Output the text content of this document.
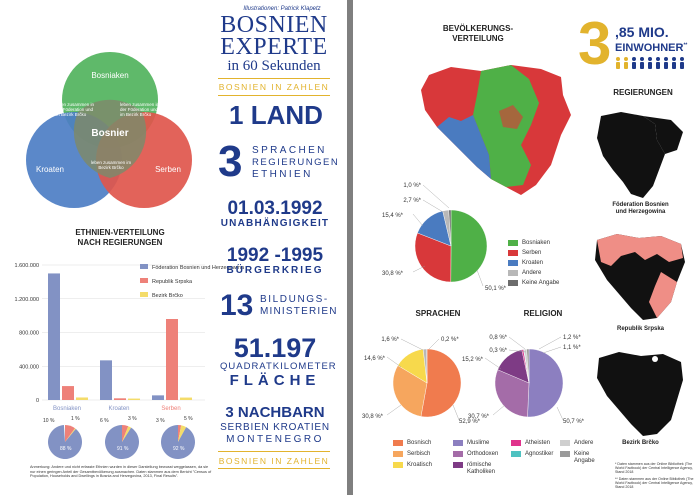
Bosniaken
Kroaten	Serben
Bosnier
leben zusammen in der Föderation und im Bezirk Brčko
leben zusammen in der Föderation und im Bezirk Brčko
leben zusammen im Bezirk Brčko
ETHNIEN-VERTEILUNG
NACH REGIERUNGEN
1.600.000
1.200.000
800.000
400.000
0
Föderation Bosnien und Herzegowina
Republik Srpska
Bezirk Brčko
Bosniaken	Kroaten	Serben
10 %	1 %
88 %
6 %	3 %
91 %
3 %	5 %
92 %
Anmerkung: Andere und nicht erfasste Ethnien wurden in dieser Darstellung bewusst weggelassen, da sie nur einen geringen Anteil der Gesamtbevölkerung ausmachen. Daten stammen aus dem Bericht "Census of Population, Households and Dwellings in Bosnia and Herzegovina, 2013, Final Results".
Illustrationen: Patrick Klapetz
BOSNIEN
EXPERTE
in 60 Sekunden
BOSNIEN IN ZAHLEN
1 LAND
3 SPRACHEN
REGIERUNGEN
ETHNIEN
01.03.1992
UNABHÄNGIGKEIT
1992 -1995
BÜRGERKRIEG
13 BILDUNGS-
MINISTERIEN
51.197
QUADRATKILOMETER
FLÄCHE
3 NACHBARN
SERBIEN KROATIEN
MONTENEGRO
BOSNIEN IN ZAHLEN
BEVÖLKERUNGS-
VERTEILUNG
50,1 %*
30,8 %*
15,4 %*
2,7 %*
1,0 %*
Bosniaken
Serben
Kroaten
Andere
Keine Angabe
3 ,85 MIO.
EINWOHNER**
REGIERUNGEN
Föderation Bosnien
und Herzegowina
Republik Srpska
Bezirk Brčko
SPRACHEN	RELIGION
52,9 %*
30,8 %*
14,6 %*
1,6 %*	0,2 %*
50,7 %*
30,7 %*
15,2 %*
0,8 %*
0,3 %*
1,2 %*
1,1 %*
Bosnisch
Serbisch
Kroatisch
Muslime
Orthodoxen
römische
Katholiken
Atheisten
Agnostiker
Andere
Keine
Angabe	* Daten stammen aus der Online Bibliothek (The World Factbook) der Central Intelligence Agency, Stand 2018
** Daten stammen aus der Online Bibliothek (The World Factbook) der Central Intelligence Agency, Stand 2018
